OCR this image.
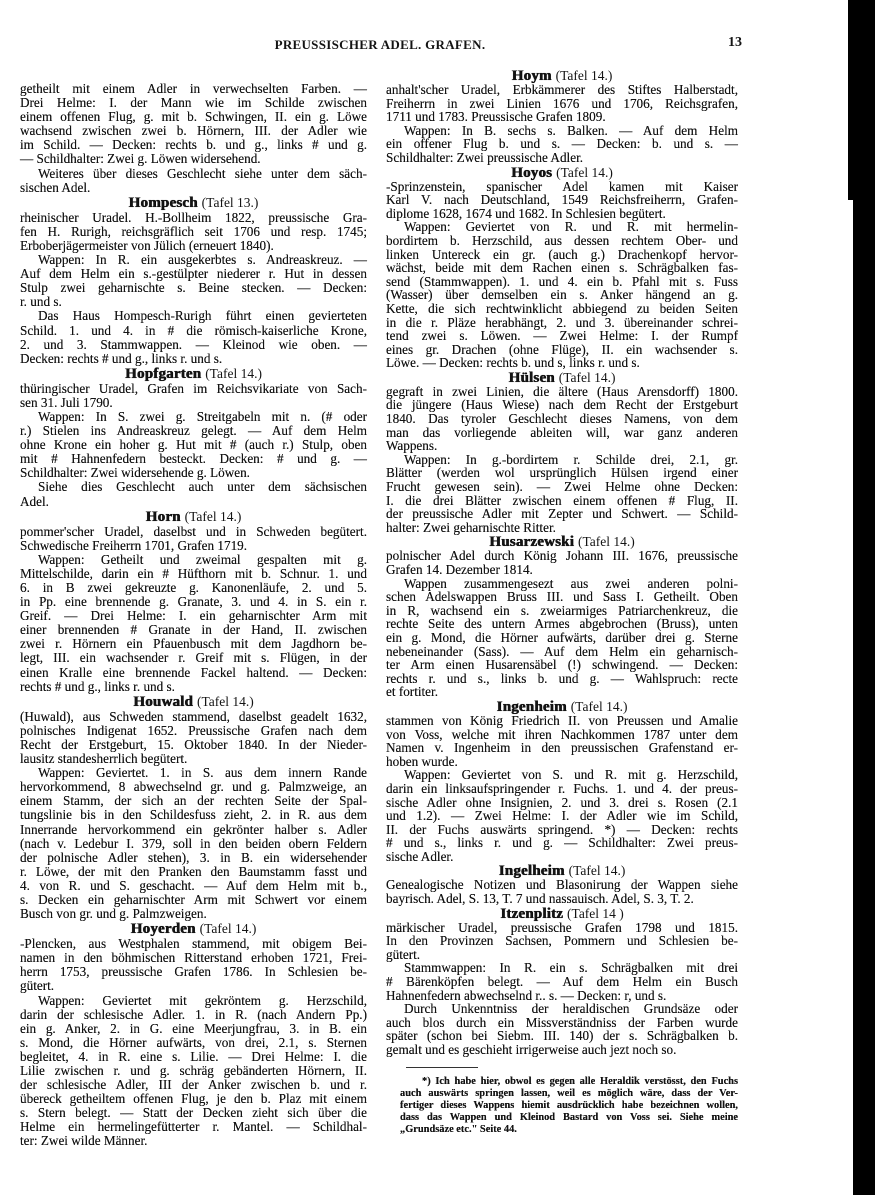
PREUSSISCHER ADEL. GRAFEN.	13
getheilt mit einem Adler in verwechselten Farben. —
Drei Helme: I. der Mann wie im Schilde zwischen
einem offenen Flug, g. mit b. Schwingen, II. ein g. Löwe
wachsend zwischen zwei b. Hörnern, III. der Adler wie
im Schild. — Decken: rechts b. und g., links # und g.
— Schildhalter: Zwei g. Löwen widersehend.
Weiteres über dieses Geschlecht siehe unter dem säch-
sischen Adel.
Hompesch (Tafel 13.)
rheinischer Uradel. H.-Bollheim 1822, preussische Gra-
fen H. Rurigh, reichsgräflich seit 1706 und resp. 1745;
Erboberjägermeister von Jülich (erneuert 1840).
Wappen: In R. ein ausgekerbtes s. Andreaskreuz. —
Auf dem Helm ein s.-gestülpter niederer r. Hut in dessen
Stulp zwei geharnischte s. Beine stecken. — Decken:
r. und s.
Das Haus Hompesch-Rurigh führt einen gevierteten
Schild. 1. und 4. in # die römisch-kaiserliche Krone,
2. und 3. Stammwappen. — Kleinod wie oben. —
Decken: rechts # und g., links r. und s.
Hopfgarten (Tafel 14.)
thüringischer Uradel, Grafen im Reichsvikariate von Sach-
sen 31. Juli 1790.
Wappen: In S. zwei g. Streitgabeln mit n. (# oder
r.) Stielen ins Andreaskreuz gelegt. — Auf dem Helm
ohne Krone ein hoher g. Hut mit # (auch r.) Stulp, oben
mit # Hahnenfedern besteckt. Decken: # und g. —
Schildhalter: Zwei widersehende g. Löwen.
Siehe dies Geschlecht auch unter dem sächsischen
Adel.
Horn (Tafel 14.)
pommer'scher Uradel, daselbst und in Schweden begütert.
Schwedische Freiherrn 1701, Grafen 1719.
Wappen: Getheilt und zweimal gespalten mit g.
Mittelschilde, darin ein # Hüfthorn mit b. Schnur. 1. und
6. in B zwei gekreuzte g. Kanonenläufe, 2. und 5.
in Pp. eine brennende g. Granate, 3. und 4. in S. ein r.
Greif. — Drei Helme: I. ein geharnischter Arm mit
einer brennenden # Granate in der Hand, II. zwischen
zwei r. Hörnern ein Pfauenbusch mit dem Jagdhorn be-
legt, III. ein wachsender r. Greif mit s. Flügen, in der
einen Kralle eine brennende Fackel haltend. — Decken:
rechts # und g., links r. und s.
Houwald (Tafel 14.)
(Huwald), aus Schweden stammend, daselbst geadelt 1632,
polnisches Indigenat 1652. Preussische Grafen nach dem
Recht der Erstgeburt, 15. Oktober 1840. In der Nieder-
lausitz standesherrlich begütert.
Wappen: Geviertet. 1. in S. aus dem innern Rande
hervorkommend, 8 abwechselnd gr. und g. Palmzweige, an
einem Stamm, der sich an der rechten Seite der Spal-
tungslinie bis in den Schildesfuss zieht, 2. in R. aus dem
Innerrande hervorkommend ein gekrönter halber s. Adler
(nach v. Ledebur I. 379, soll in den beiden obern Feldern
der polnische Adler stehen), 3. in B. ein widersehender
r. Löwe, der mit den Pranken den Baumstamm fasst und
4. von R. und S. geschacht. — Auf dem Helm mit b.,
s. Decken ein geharnischter Arm mit Schwert vor einem
Busch von gr. und g. Palmzweigen.
Hoyerden (Tafel 14.)
-Plencken, aus Westphalen stammend, mit obigem Bei-
namen in den böhmischen Ritterstand erhoben 1721, Frei-
herrn 1753, preussische Grafen 1786. In Schlesien be-
gütert.
Wappen: Geviertet mit gekröntem g. Herzschild,
darin der schlesische Adler. 1. in R. (nach Andern Pp.)
ein g. Anker, 2. in G. eine Meerjungfrau, 3. in B. ein
s. Mond, die Hörner aufwärts, von drei, 2.1, s. Sternen
begleitet, 4. in R. eine s. Lilie. — Drei Helme: I. die
Lilie zwischen r. und g. schräg gebänderten Hörnern, II.
der schlesische Adler, III der Anker zwischen b. und r.
übereck getheiltem offenen Flug, je den b. Plaz mit einem
s. Stern belegt. — Statt der Decken zieht sich über die
Helme ein hermelingefütterter r. Mantel. — Schildhal-
ter: Zwei wilde Männer.
Hoym (Tafel 14.)
anhalt'scher Uradel, Erbkämmerer des Stiftes Halberstadt,
Freiherrn in zwei Linien 1676 und 1706, Reichsgrafen,
1711 und 1783. Preussische Grafen 1809.
Wappen: In B. sechs s. Balken. — Auf dem Helm
ein offener Flug b. und s. — Decken: b. und s. —
Schildhalter: Zwei preussische Adler.
Hoyos (Tafel 14.)
-Sprinzenstein, spanischer Adel kamen mit Kaiser
Karl V. nach Deutschland, 1549 Reichsfreiherrn, Grafen-
diplome 1628, 1674 und 1682. In Schlesien begütert.
Wappen: Geviertet von R. und R. mit hermelin-
bordirtem b. Herzschild, aus dessen rechtem Ober- und
linken Untereck ein gr. (auch g.) Drachenkopf hervor-
wächst, beide mit dem Rachen einen s. Schrägbalken fas-
send (Stammwappen). 1. und 4. ein b. Pfahl mit s. Fuss
(Wasser) über demselben ein s. Anker hängend an g.
Kette, die sich rechtwinklicht abbiegend zu beiden Seiten
in die r. Pläze herabhängt, 2. und 3. übereinander schrei-
tend zwei s. Löwen. — Zwei Helme: I. der Rumpf
eines gr. Drachen (ohne Flüge), II. ein wachsender s.
Löwe. — Decken: rechts b. und s, links r. und s.
Hülsen (Tafel 14.)
gegraft in zwei Linien, die ältere (Haus Arensdorff) 1800.
die jüngere (Haus Wiese) nach dem Recht der Erstgeburt
1840. Das tyroler Geschlecht dieses Namens, von dem
man das vorliegende ableiten will, war ganz anderen
Wappens.
Wappen: In g.-bordirtem r. Schilde drei, 2.1, gr.
Blätter (werden wol ursprünglich Hülsen irgend einer
Frucht gewesen sein). — Zwei Helme ohne Decken:
I. die drei Blätter zwischen einem offenen # Flug, II.
der preussische Adler mit Zepter und Schwert. — Schild-
halter: Zwei geharnischte Ritter.
Husarzewski (Tafel 14.)
polnischer Adel durch König Johann III. 1676, preussische
Grafen 14. Dezember 1814.
Wappen zusammengesezt aus zwei anderen polni-
schen Adelswappen Bruss III. und Sass I. Getheilt. Oben
in R, wachsend ein s. zweiarmiges Patriarchenkreuz, die
rechte Seite des untern Armes abgebrochen (Bruss), unten
ein g. Mond, die Hörner aufwärts, darüber drei g. Sterne
nebeneinander (Sass). — Auf dem Helm ein geharnisch-
ter Arm einen Husarensäbel (!) schwingend. — Decken:
rechts r. und s., links b. und g. — Wahlspruch: recte
et fortiter.
Ingenheim (Tafel 14.)
stammen von König Friedrich II. von Preussen und Amalie
von Voss, welche mit ihren Nachkommen 1787 unter dem
Namen v. Ingenheim in den preussischen Grafenstand er-
hoben wurde.
Wappen: Geviertet von S. und R. mit g. Herzschild,
darin ein linksaufspringender r. Fuchs. 1. und 4. der preus-
sische Adler ohne Insignien, 2. und 3. drei s. Rosen (2.1
und 1.2). — Zwei Helme: I. der Adler wie im Schild,
II. der Fuchs auswärts springend. *) — Decken: rechts
# und s., links r. und g. — Schildhalter: Zwei preus-
sische Adler.
Ingelheim (Tafel 14.)
Genealogische Notizen und Blasonirung der Wappen siehe
bayrisch. Adel, S. 13, T. 7 und nassauisch. Adel, S. 3, T. 2.
Itzenplitz (Tafel 14 )
märkischer Uradel, preussische Grafen 1798 und 1815.
In den Provinzen Sachsen, Pommern und Schlesien be-
gütert.
Stammwappen: In R. ein s. Schrägbalken mit drei
# Bärenköpfen belegt. — Auf dem Helm ein Busch
Hahnenfedern abwechselnd r.. s. — Decken: r, und s.
Durch Unkenntniss der heraldischen Grundsäze oder
auch blos durch ein Missverständniss der Farben wurde
später (schon bei Siebm. III. 140) der s. Schrägbalken b.
gemalt und es geschieht irrigerweise auch jezt noch so.
*) Ich habe hier, obwol es gegen alle Heraldik verstösst, den Fuchs
auch auswärts springen lassen, weil es möglich wäre, dass der Ver-
fertiger dieses Wappens hiemit ausdrücklich habe bezeichnen wollen,
dass das Wappen und Kleinod Bastard von Voss sei. Siehe meine
„Grundsäze etc." Seite 44.
